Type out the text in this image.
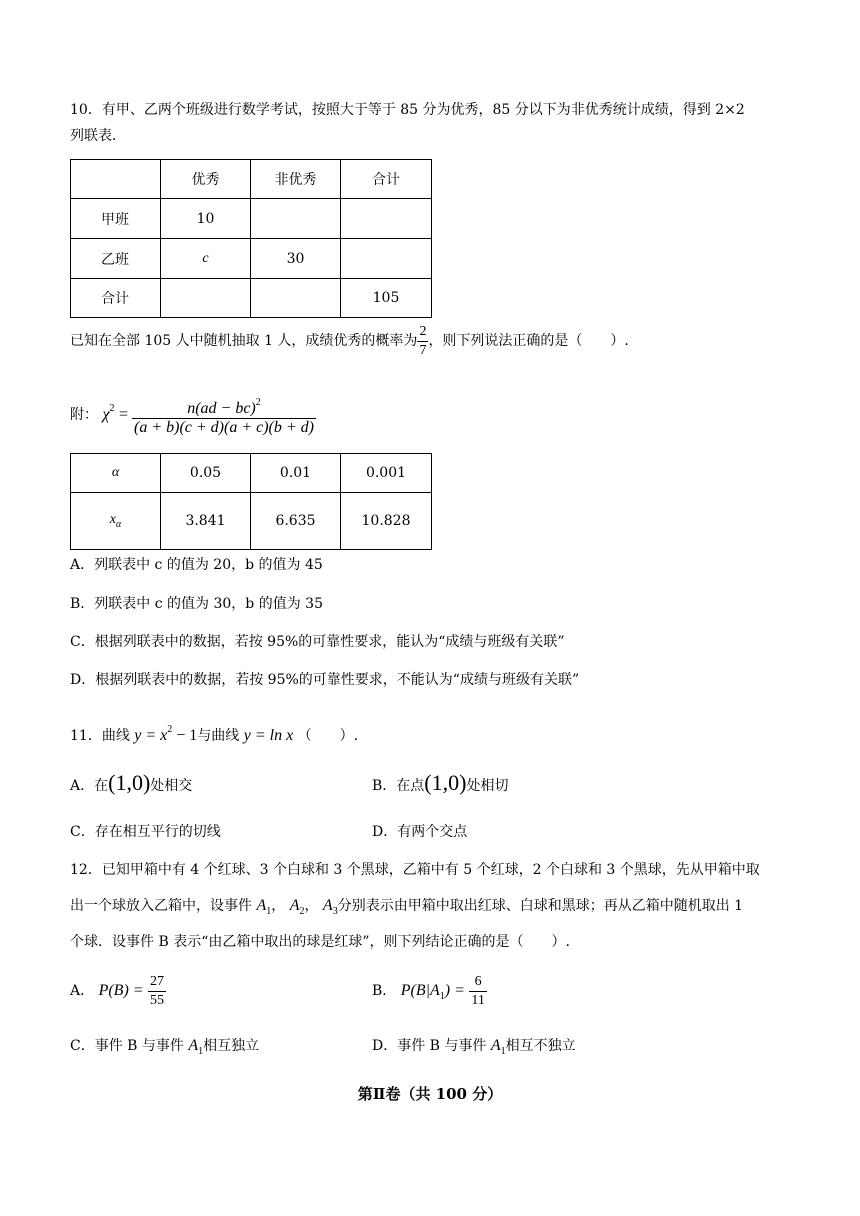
10．有甲、乙两个班级进行数学考试，按照大于等于 85 分为优秀，85 分以下为非优秀统计成绩，得到 2×2
列联表．
	优秀	非优秀	合计
甲班	10		
乙班	c	30	
合计			105
已知在全部 105 人中随机抽取 1 人，成绩优秀的概率为 $\frac{2}{7}$ ，则下列说法正确的是（　　）.
附： $\chi^2 = \frac{n(ad - bc)^2}{(a + b)(c + d)(a + c)(b + d)}$
α	0.05	0.01	0.001
$x_\alpha$	3.841	6.635	10.828
A．列联表中 c 的值为 20，b 的值为 45
B．列联表中 c 的值为 30，b 的值为 35
C．根据列联表中的数据，若按 95%的可靠性要求，能认为“成绩与班级有关联”
D．根据列联表中的数据，若按 95%的可靠性要求，不能认为“成绩与班级有关联”
11．曲线 $y = x^2 - 1$与曲线 y = ln x （　　）.
A．在(1,0)处相交	B．在点(1,0)处相切
C．存在相互平行的切线	D．有两个交点
12．已知甲箱中有 4 个红球、3 个白球和 3 个黑球，乙箱中有 5 个红球，2 个白球和 3 个黑球，先从甲箱中取
出一个球放入乙箱中，设事件 $A_1$， $A_2$， $A_3$分别表示由甲箱中取出红球、白球和黑球；再从乙箱中随机取出 1
个球．设事件 B 表示“由乙箱中取出的球是红球”，则下列结论正确的是（　　）.
A． $P(B) = \frac{27}{55}$	B． $P(B|A_1) = \frac{6}{11}$
C．事件 B 与事件 $A_1$相互独立	D．事件 B 与事件 $A_1$相互不独立
第Ⅱ卷（共 100 分）
